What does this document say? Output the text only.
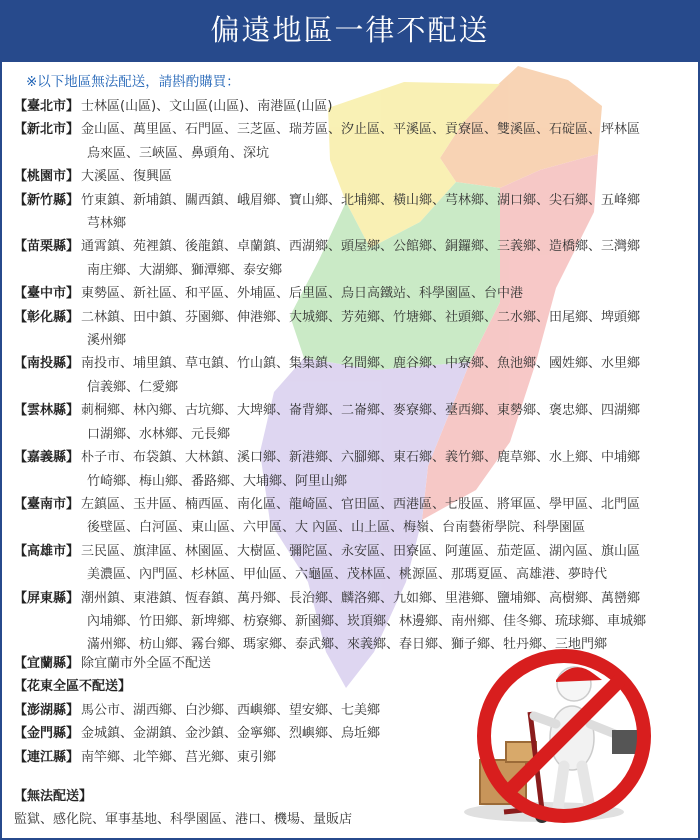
偏遠地區一律不配送
※以下地區無法配送，請斟酌購買：
【臺北市】 士林區(山區)、文山區(山區)、南港區(山區)
【新北市】 金山區、萬里區、石門區、三芝區、瑞芳區、汐止區、平溪區、貢寮區、雙溪區、石碇區、坪林區
烏來區、三峽區、鼻頭角、深坑
【桃園市】 大溪區、復興區
【新竹縣】 竹東鎮、新埔鎮、關西鎮、峨眉鄉、寶山鄉、北埔鄉、橫山鄉、芎林鄉、湖口鄉、尖石鄉、五峰鄉
芎林鄉
【苗栗縣】 通霄鎮、苑裡鎮、後龍鎮、卓蘭鎮、西湖鄉、頭屋鄉、公館鄉、銅鑼鄉、三義鄉、造橋鄉、三灣鄉
南庄鄉、大湖鄉、獅潭鄉、泰安鄉
【臺中市】 東勢區、新社區、和平區、外埔區、后里區、烏日高鐵站、科學園區、台中港
【彰化縣】 二林鎮、田中鎮、芬園鄉、伸港鄉、大城鄉、芳苑鄉、竹塘鄉、社頭鄉、二水鄉、田尾鄉、埤頭鄉
溪州鄉
【南投縣】 南投市、埔里鎮、草屯鎮、竹山鎮、集集鎮、名間鄉、鹿谷鄉、中寮鄉、魚池鄉、國姓鄉、水里鄉
信義鄉、仁愛鄉
【雲林縣】 莿桐鄉、林內鄉、古坑鄉、大埤鄉、崙背鄉、二崙鄉、麥寮鄉、臺西鄉、東勢鄉、褒忠鄉、四湖鄉
口湖鄉、水林鄉、元長鄉
【嘉義縣】 朴子市、布袋鎮、大林鎮、溪口鄉、新港鄉、六腳鄉、東石鄉、義竹鄉、鹿草鄉、水上鄉、中埔鄉
竹崎鄉、梅山鄉、番路鄉、大埔鄉、阿里山鄉
【臺南市】 左鎮區、玉井區、楠西區、南化區、龍崎區、官田區、西港區、七股區、將軍區、學甲區、北門區
後壁區、白河區、東山區、六甲區、大 內區、山上區、梅嶺、台南藝術學院、科學園區
【高雄市】 三民區、旗津區、林園區、大樹區、彌陀區、永安區、田寮區、阿蓮區、茄萣區、湖內區、旗山區
美濃區、內門區、杉林區、甲仙區、六龜區、茂林區、桃源區、那瑪夏區、高雄港、夢時代
【屏東縣】 潮州鎮、東港鎮、恆春鎮、萬丹鄉、長治鄉、麟洛鄉、九如鄉、里港鄉、鹽埔鄉、高樹鄉、萬巒鄉
內埔鄉、竹田鄉、新埤鄉、枋寮鄉、新園鄉、崁頂鄉、林邊鄉、南州鄉、佳冬鄉、琉球鄉、車城鄉
滿州鄉、枋山鄉、霧台鄉、瑪家鄉、泰武鄉、來義鄉、春日鄉、獅子鄉、牡丹鄉、三地門鄉
【宜蘭縣】 除宜蘭市外全區不配送
【花東全區不配送】
【澎湖縣】 馬公市、湖西鄉、白沙鄉、西嶼鄉、望安鄉、七美鄉
【金門縣】 金城鎮、金湖鎮、金沙鎮、金寧鄉、烈嶼鄉、烏坵鄉
【連江縣】 南竿鄉、北竿鄉、莒光鄉、東引鄉
【無法配送】
監獄、感化院、軍事基地、科學園區、港口、機場、量販店
